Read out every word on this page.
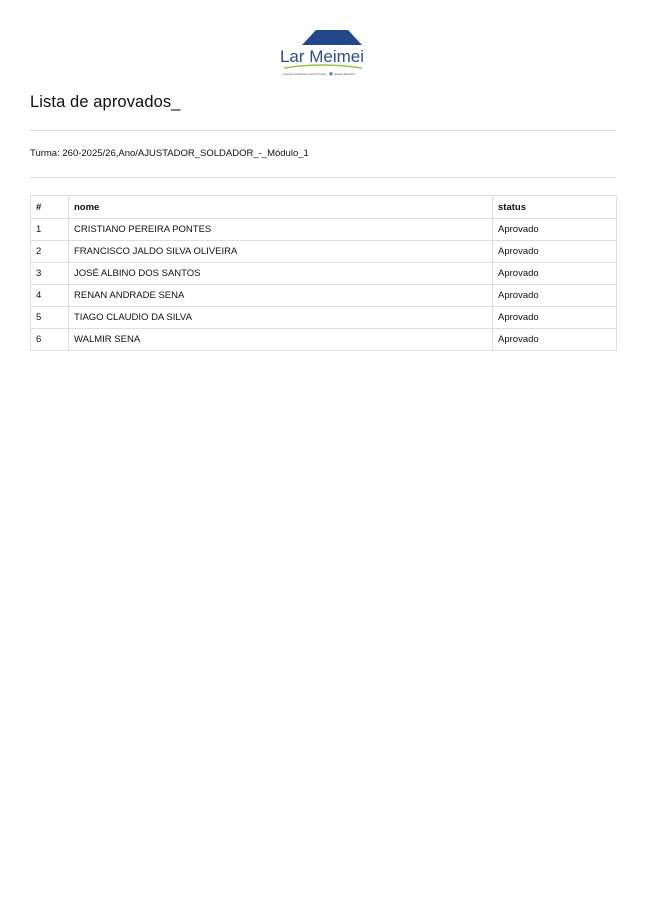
Lar Meimei
Casa de Assistência e Serviço Social	Espaço Educativo
Lista de aprovados_
Turma: 260-2025/26,Ano/AJUSTADOR_SOLDADOR_-_Módulo_1
#	nome	status
1	CRISTIANO PEREIRA PONTES	Aprovado
2	FRANCISCO JALDO SILVA OLIVEIRA	Aprovado
3	JOSÉ ALBINO DOS SANTOS	Aprovado
4	RENAN ANDRADE SENA	Aprovado
5	TIAGO CLAUDIO DA SILVA	Aprovado
6	WALMIR SENA	Aprovado
